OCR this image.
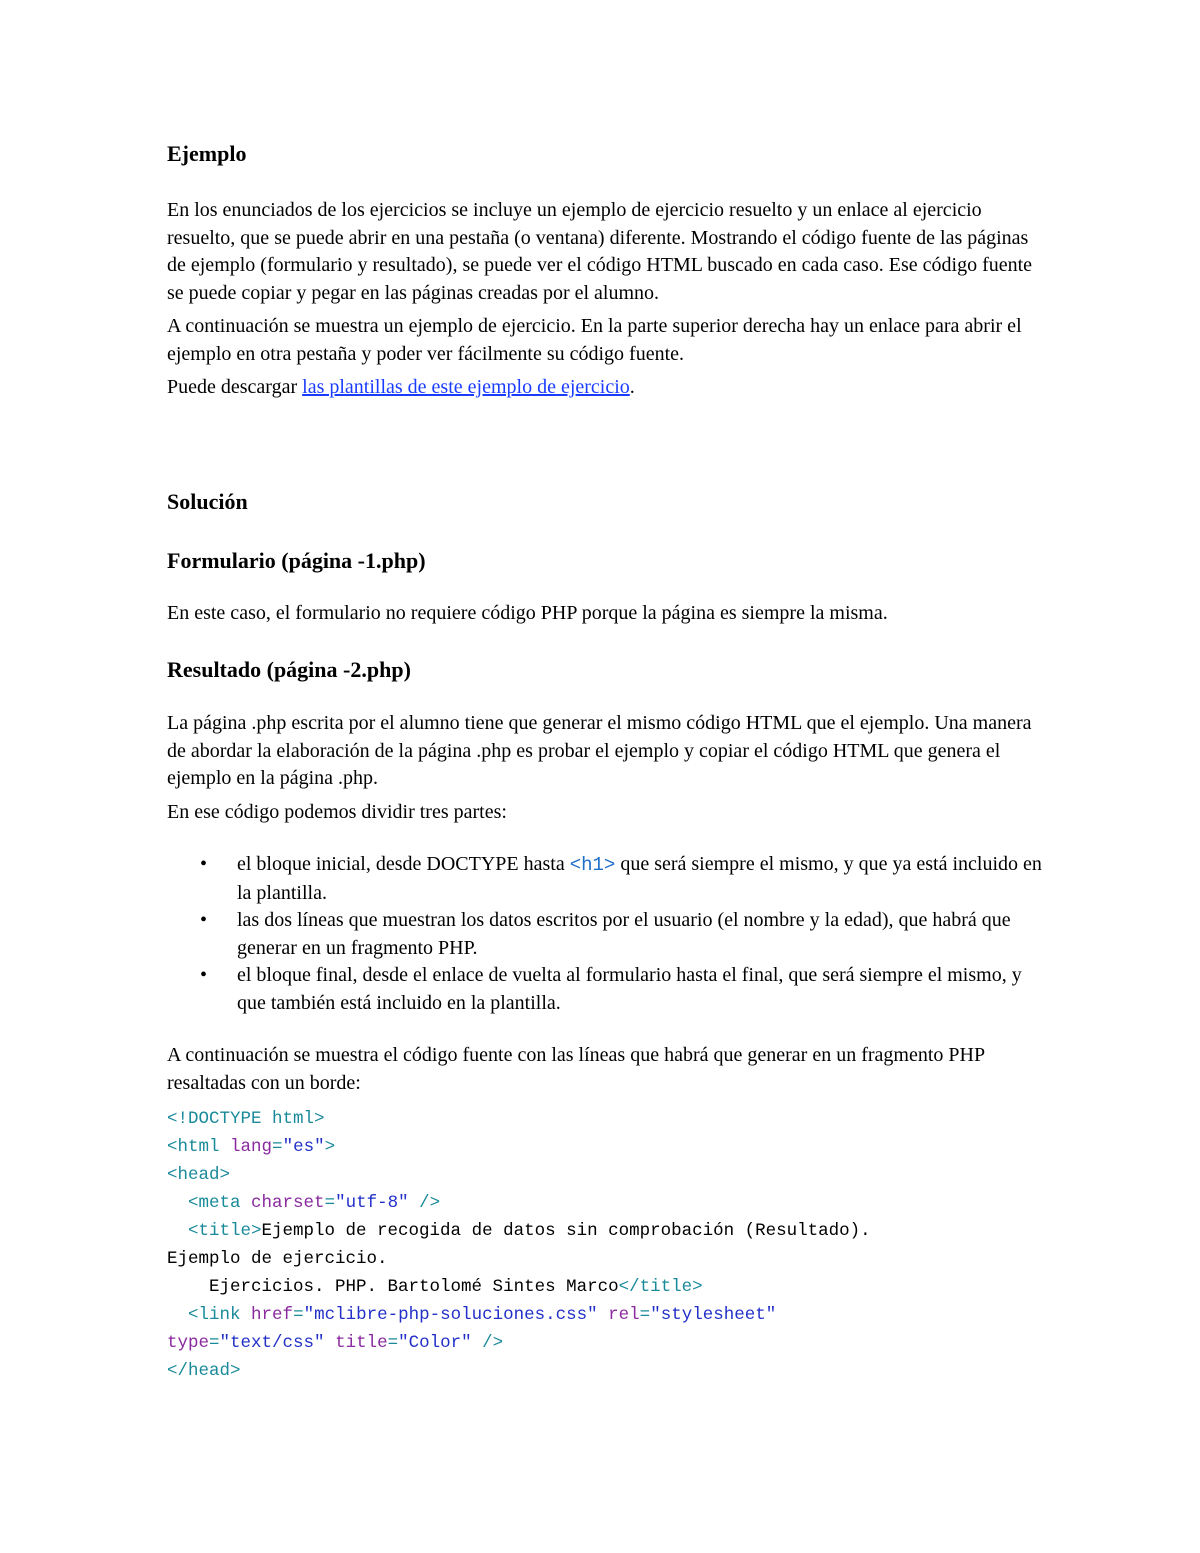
Ejemplo

En los enunciados de los ejercicios se incluye un ejemplo de ejercicio resuelto y un enlace al ejercicio resuelto, que se puede abrir en una pestaña (o ventana) diferente. Mostrando el código fuente de las páginas de ejemplo (formulario y resultado), se puede ver el código HTML buscado en cada caso. Ese código fuente se puede copiar y pegar en las páginas creadas por el alumno.

A continuación se muestra un ejemplo de ejercicio. En la parte superior derecha hay un enlace para abrir el ejemplo en otra pestaña y poder ver fácilmente su código fuente.

Puede descargar las plantillas de este ejemplo de ejercicio.

Solución
Formulario (página -1.php)

En este caso, el formulario no requiere código PHP porque la página es siempre la misma.

Resultado (página -2.php)

La página .php escrita por el alumno tiene que generar el mismo código HTML que el ejemplo. Una manera de abordar la elaboración de la página .php es probar el ejemplo y copiar el código HTML que genera el ejemplo en la página .php.

En ese código podemos dividir tres partes:

• el bloque inicial, desde DOCTYPE hasta <h1> que será siempre el mismo, y que ya está incluido en la plantilla.
• las dos líneas que muestran los datos escritos por el usuario (el nombre y la edad), que habrá que generar en un fragmento PHP.
• el bloque final, desde el enlace de vuelta al formulario hasta el final, que será siempre el mismo, y que también está incluido en la plantilla.

A continuación se muestra el código fuente con las líneas que habrá que generar en un fragmento PHP resaltadas con un borde:

<!DOCTYPE html>
<html lang="es">
<head>
<meta charset="utf-8" />
<title>Ejemplo de recogida de datos sin comprobación (Resultado).
Ejemplo de ejercicio.
Ejercicios. PHP. Bartolomé Sintes Marco</title>
<link href="mclibre-php-soluciones.css" rel="stylesheet"
type="text/css" title="Color" />
</head>
